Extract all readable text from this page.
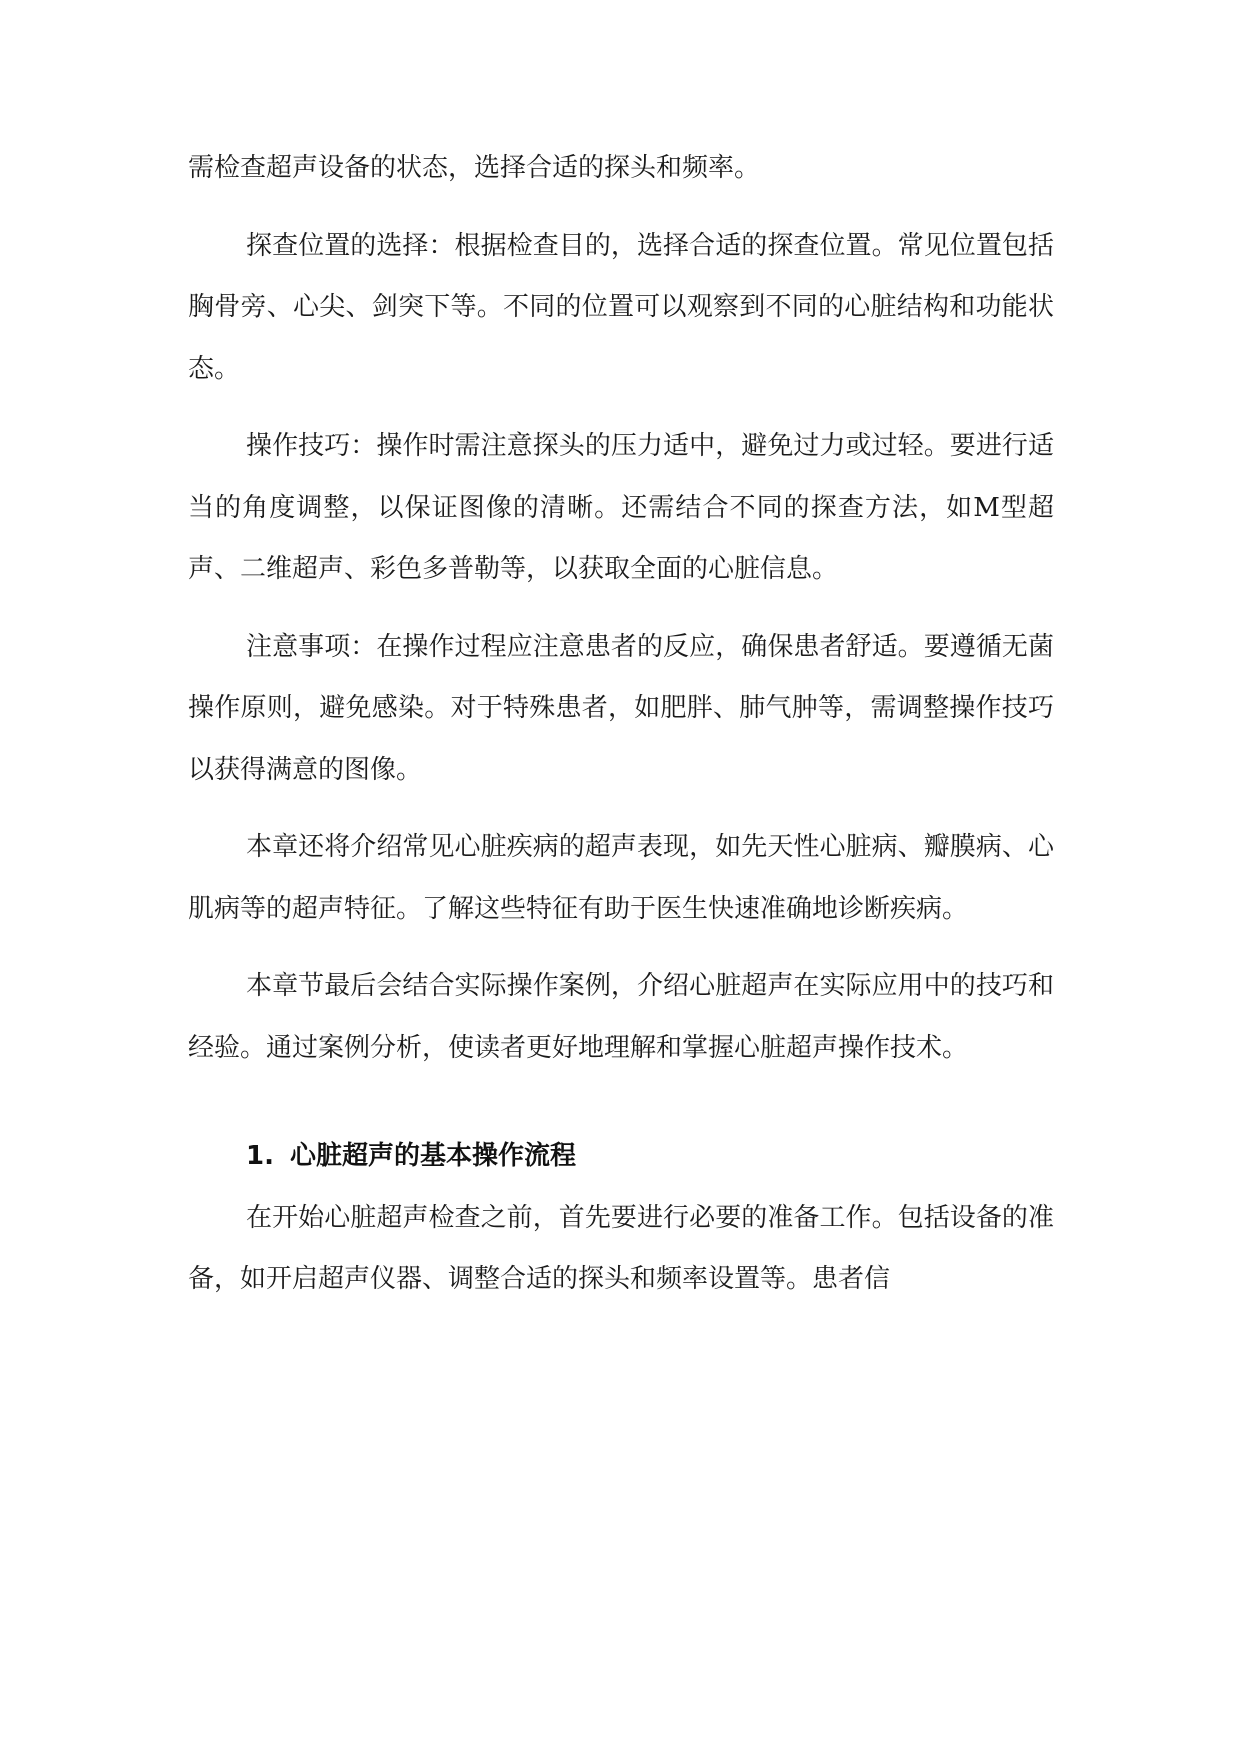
需检查超声设备的状态，选择合适的探头和频率。

探查位置的选择：根据检查目的，选择合适的探查位置。常见位置包括胸骨旁、心尖、剑突下等。不同的位置可以观察到不同的心脏结构和功能状态。

操作技巧：操作时需注意探头的压力适中，避免过力或过轻。要进行适当的角度调整，以保证图像的清晰。还需结合不同的探查方法，如M型超声、二维超声、彩色多普勒等，以获取全面的心脏信息。

注意事项：在操作过程应注意患者的反应，确保患者舒适。要遵循无菌操作原则，避免感染。对于特殊患者，如肥胖、肺气肿等，需调整操作技巧以获得满意的图像。

本章还将介绍常见心脏疾病的超声表现，如先天性心脏病、瓣膜病、心肌病等的超声特征。了解这些特征有助于医生快速准确地诊断疾病。

本章节最后会结合实际操作案例，介绍心脏超声在实际应用中的技巧和经验。通过案例分析，使读者更好地理解和掌握心脏超声操作技术。

1. 心脏超声的基本操作流程

在开始心脏超声检查之前，首先要进行必要的准备工作。包括设备的准备，如开启超声仪器、调整合适的探头和频率设置等。患者信
